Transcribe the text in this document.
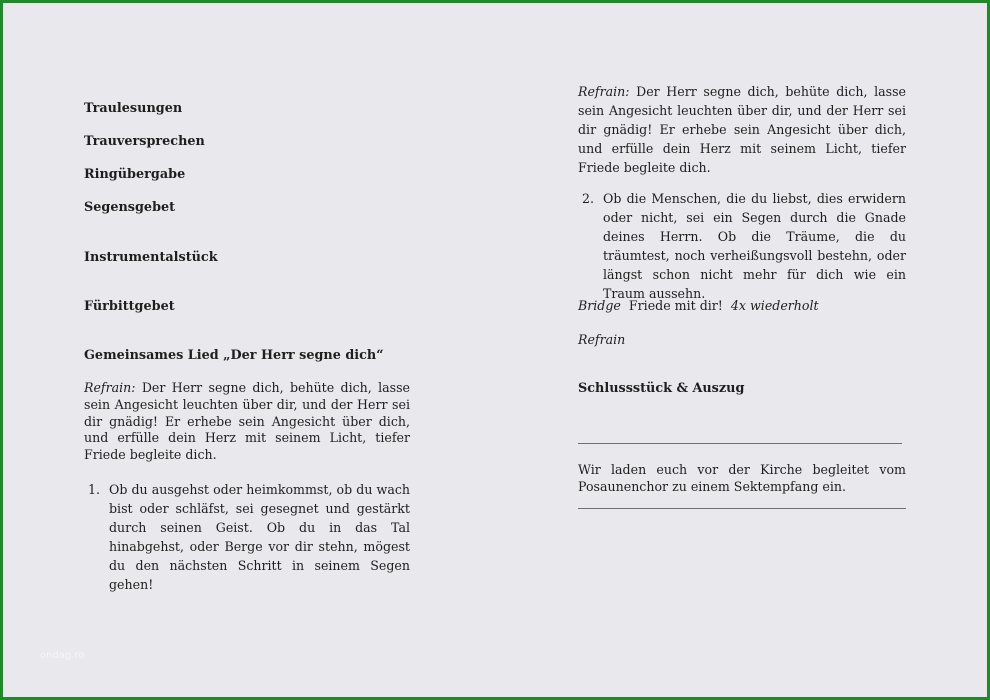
Traulesungen
Trauversprechen
Ringübergabe
Segensgebet
Instrumentalstück
Fürbittgebet
Gemeinsames Lied „Der Herr segne dich“
Refrain: Der Herr segne dich, behüte dich, lasse sein Angesicht leuchten über dir, und der Herr sei dir gnädig! Er erhebe sein Angesicht über dich, und erfülle dein Herz mit seinem Licht, tiefer Friede begleite dich.
1. Ob du ausgehst oder heimkommst, ob du wach bist oder schläfst, sei gesegnet und gestärkt durch seinen Geist. Ob du in das Tal hinabgehst, oder Berge vor dir stehn, mögest du den nächsten Schritt in seinem Segen gehen!
Refrain: Der Herr segne dich, behüte dich, lasse sein Angesicht leuchten über dir, und der Herr sei dir gnädig! Er erhebe sein Angesicht über dich, und erfülle dein Herz mit seinem Licht, tiefer Friede begleite dich.
2. Ob die Menschen, die du liebst, dies erwidern oder nicht, sei ein Segen durch die Gnade deines Herrn. Ob die Träume, die du träumtest, noch verheißungsvoll bestehn, oder längst schon nicht mehr für dich wie ein Traum aussehn.
Bridge Friede mit dir! 4x wiederholt
Refrain
Schlussstück & Auszug
Wir laden euch vor der Kirche begleitet vom Posaunenchor zu einem Sektempfang ein.
ondag.ro
